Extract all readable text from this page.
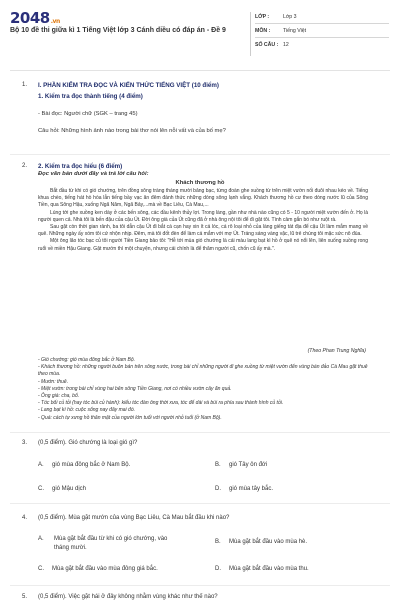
2048.vn
Bộ 10 đề thi giữa kì 1 Tiếng Việt lớp 3 Cánh diều có đáp án - Đề 9
LỚP :	Lớp 3
MÔN : Tiếng Việt
SỐ CÂU : 12
1. I. PHẦN KIỂM TRA ĐỌC VÀ KIẾN THỨC TIẾNG VIỆT (10 điểm)
1. Kiểm tra đọc thành tiếng (4 điểm)
- Bài đọc: Người chữ (SGK – trang 45)
Câu hỏi: Những hình ảnh nào trong bài thơ nói lên nỗi vất và của bố mẹ?
2. 2. Kiểm tra đọc hiểu (6 điểm)
Đọc văn bản dưới đây và trả lời câu hỏi:
Khách thương hồ

Bắt đầu từ khi có gió chướng, trên đồng sông tràng tháng mười bảng bạc, từng đoàn ghe xuồng từ trên miệt vườn nối đuôi nhau kéo về. Tiếng khua chèo, tiếng hát hò hòa lẫn tiếng bầy vạc ăn đêm đánh thức những dòng sông lạnh vắng. Khách thương hồ cư theo dòng nước lũ của Sông Tiền, qua Sông Hậu, xuống Ngã Năm, Ngã Bảy,...mà về Bạc Liêu, Cà Mau,...

Lúng tới ghe xuồng ken dày ở các bến sông, các đầu kênh thủy lợi. Trong làng, gần như nhà nào cũng có 5 - 10 người miệt vườn đến ở. Họ là người quen cả. Nhà tôi là bến đậu của cậu Út. Đời ông già của Út cũng đã ở nhà ông nội tôi để đi gặt tôi. Tình cảm gắn bó như ruột rà.

Sau gặt còn thời gian rảnh, ba tôi dẫn cậu Út đi bắt cá cạn hay xin ít cá lóc, cá rô loại nhỏ của làng giếng tát địa để cậu Út làm mắm mang về quê. Những ngày ấy xóm tôi cứ nhộn nhịp. Đêm, mà tôi đốt đèn để làm cá mắm với mợ Út. Tráng sáng vàng vặc, lũ trẻ chúng tôi mặc sức nô đùa.

Một ông lão tóc bạc củ tôi người Tiền Giang bảo tôi: "Hễ tới mùa gió chướng là cái màu lang bạt kì hồ ở quê nó nổi lên, liên xuống xuồng rong ruổi về miền Hậu Giang. Gặt mướn thì một chuyện, nhưng cái chính là để thăm người cũ, chốn cũ ấy mà.".

(Theo Phan Trung Nghĩa)
- Gió chướng: gió mùa đông bắc ở Nam Bộ.
- Khách thương hồ: những người buôn bán trên sông nước, trong bài chỉ những người đi ghe xuồng từ miệt vườn đến vùng bán đảo Cà Mau gặt thuê theo mùa.
- Mướn: thuê.
- Miệt vườn: trong bài chỉ vùng hai bên sông Tiền Giang, nơi có nhiều vườn cây ăn quả.
- Ông già: cha, bố.
- Tóc bối củ tỏi (hay tóc búi củ hành): kiểu tóc đàn ông thời xưa, tóc để dài và búi ra phía sau thành hình củ tỏi.
- Lang bạt kì hồ: cuộc sống nay đây mai đó.
- Quá: cách tự xưng hồ thân mật của người lớn tuổi với người nhỏ tuổi (ở Nam Bộ).
3. (0,5 điểm). Gió chướng là loại gió gì?
A. gió mùa đông bắc ở Nam Bộ.	B. gió Tây ôn đới
C. gió Mậu dịch	D. gió mùa tây bắc.
4. (0,5 điểm). Mùa gặt mướn của vùng Bạc Liêu, Cà Mau bắt đầu khi nào?
A. Mùa gặt bắt đầu từ khi có gió chướng, vào tháng mười.
B. Mùa gặt bắt đầu vào mùa hè.
C. Mùa gặt bắt đầu vào mùa đông giá bắc.	D. Mùa gặt bắt đầu vào mùa thu.
5. (0,5 điểm). Việc gặt hái ở đây không nhằm vùng khác như thế nào?
